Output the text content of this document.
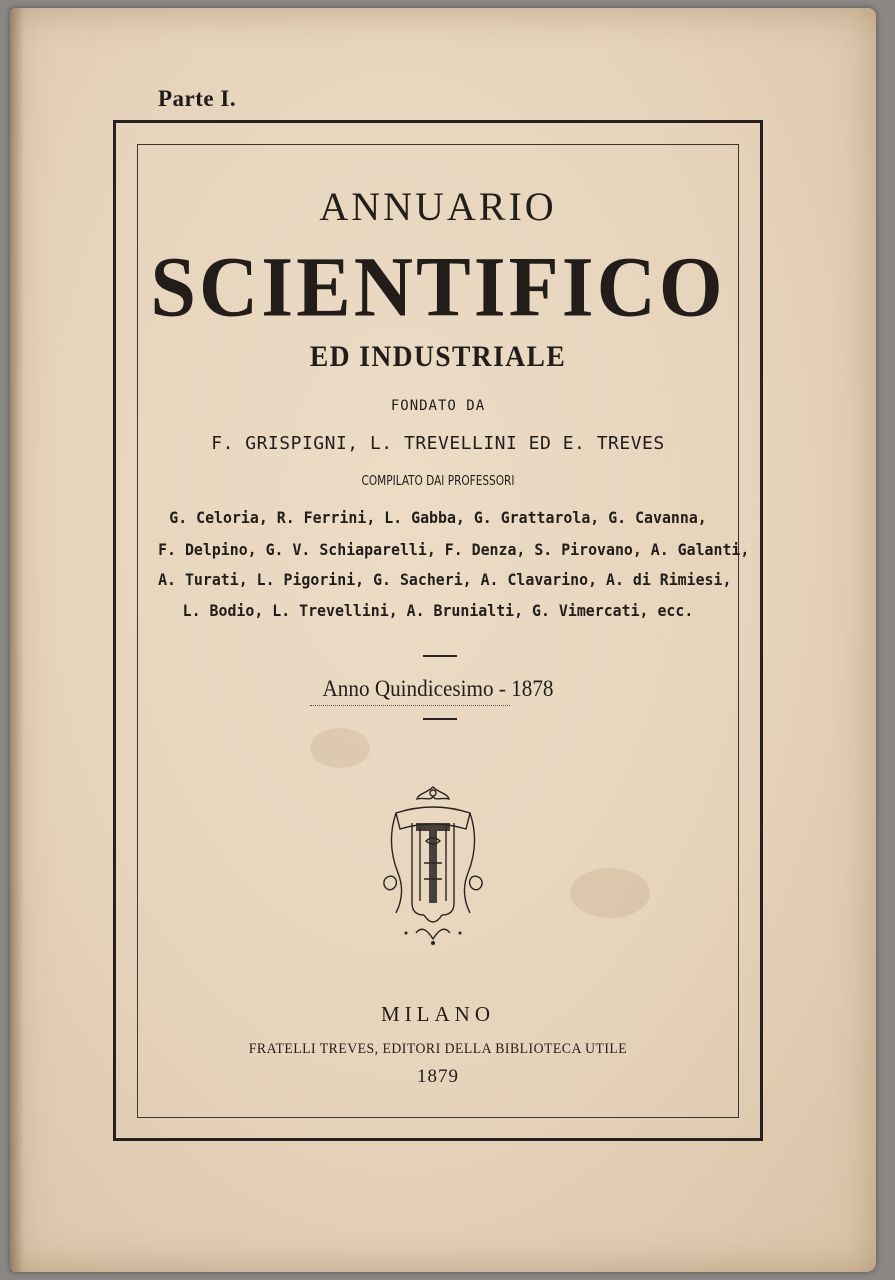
Parte I.
ANNUARIO
SCIENTIFICO
ED INDUSTRIALE
FONDATO DA
F. GRISPIGNI, L. TREVELLINI ED E. TREVES
COMPILATO DAI PROFESSORI
G. Celoria, R. Ferrini, L. Gabba, G. Grattarola, G. Cavanna,
F. Delpino, G. V. Schiaparelli, F. Denza, S. Pirovano, A. Galanti,
A. Turati, L. Pigorini, G. Sacheri, A. Clavarino, A. di Rimiesi,
L. Bodio, L. Trevellini, A. Brunialti, G. Vimercati, ecc.
Anno Quindicesimo - 1878
MILANO
FRATELLI TREVES, EDITORI DELLA BIBLIOTECA UTILE
1879
